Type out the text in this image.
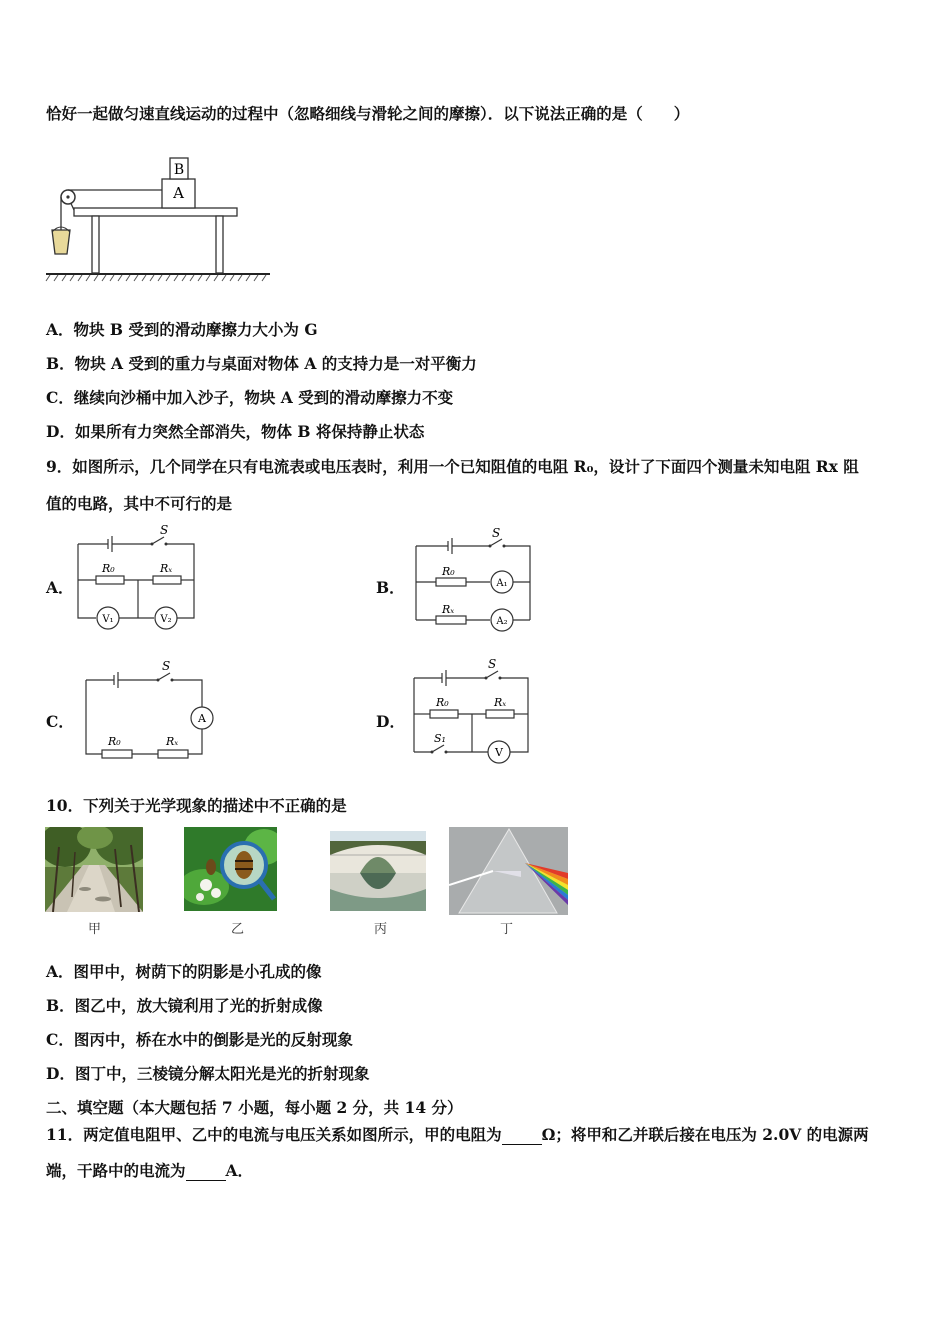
恰好一起做匀速直线运动的过程中（忽略细线与滑轮之间的摩擦）．以下说法正确的是（　　）
A
B
A．物块 B 受到的滑动摩擦力大小为 G
B．物块 A 受到的重力与桌面对物体 A 的支持力是一对平衡力
C．继续向沙桶中加入沙子，物块 A 受到的滑动摩擦力不变
D．如果所有力突然全部消失，物体 B 将保持静止状态
9．如图所示，几个同学在只有电流表或电压表时，利用一个已知阻值的电阻 R₀，设计了下面四个测量未知电阻 Rx 阻
值的电路，其中不可行的是
A．
S
R₀	Rₓ
V₁	V₂
B．
S
R₀
Rₓ
A₁
A₂
C．
S
R₀	Rₓ
A	D．
S
R₀	Rₓ
S₁
V
10．下列关于光学现象的描述中不正确的是
甲	乙	丙	丁
A．图甲中，树荫下的阴影是小孔成的像
B．图乙中，放大镜利用了光的折射成像
C．图丙中，桥在水中的倒影是光的反射现象
D．图丁中，三棱镜分解太阳光是光的折射现象
二、填空题（本大题包括 7 小题，每小题 2 分，共 14 分）
11．两定值电阻甲、乙中的电流与电压关系如图所示，甲的电阻为	Ω；将甲和乙并联后接在电压为 2.0V 的电源两
端，干路中的电流为	A．
